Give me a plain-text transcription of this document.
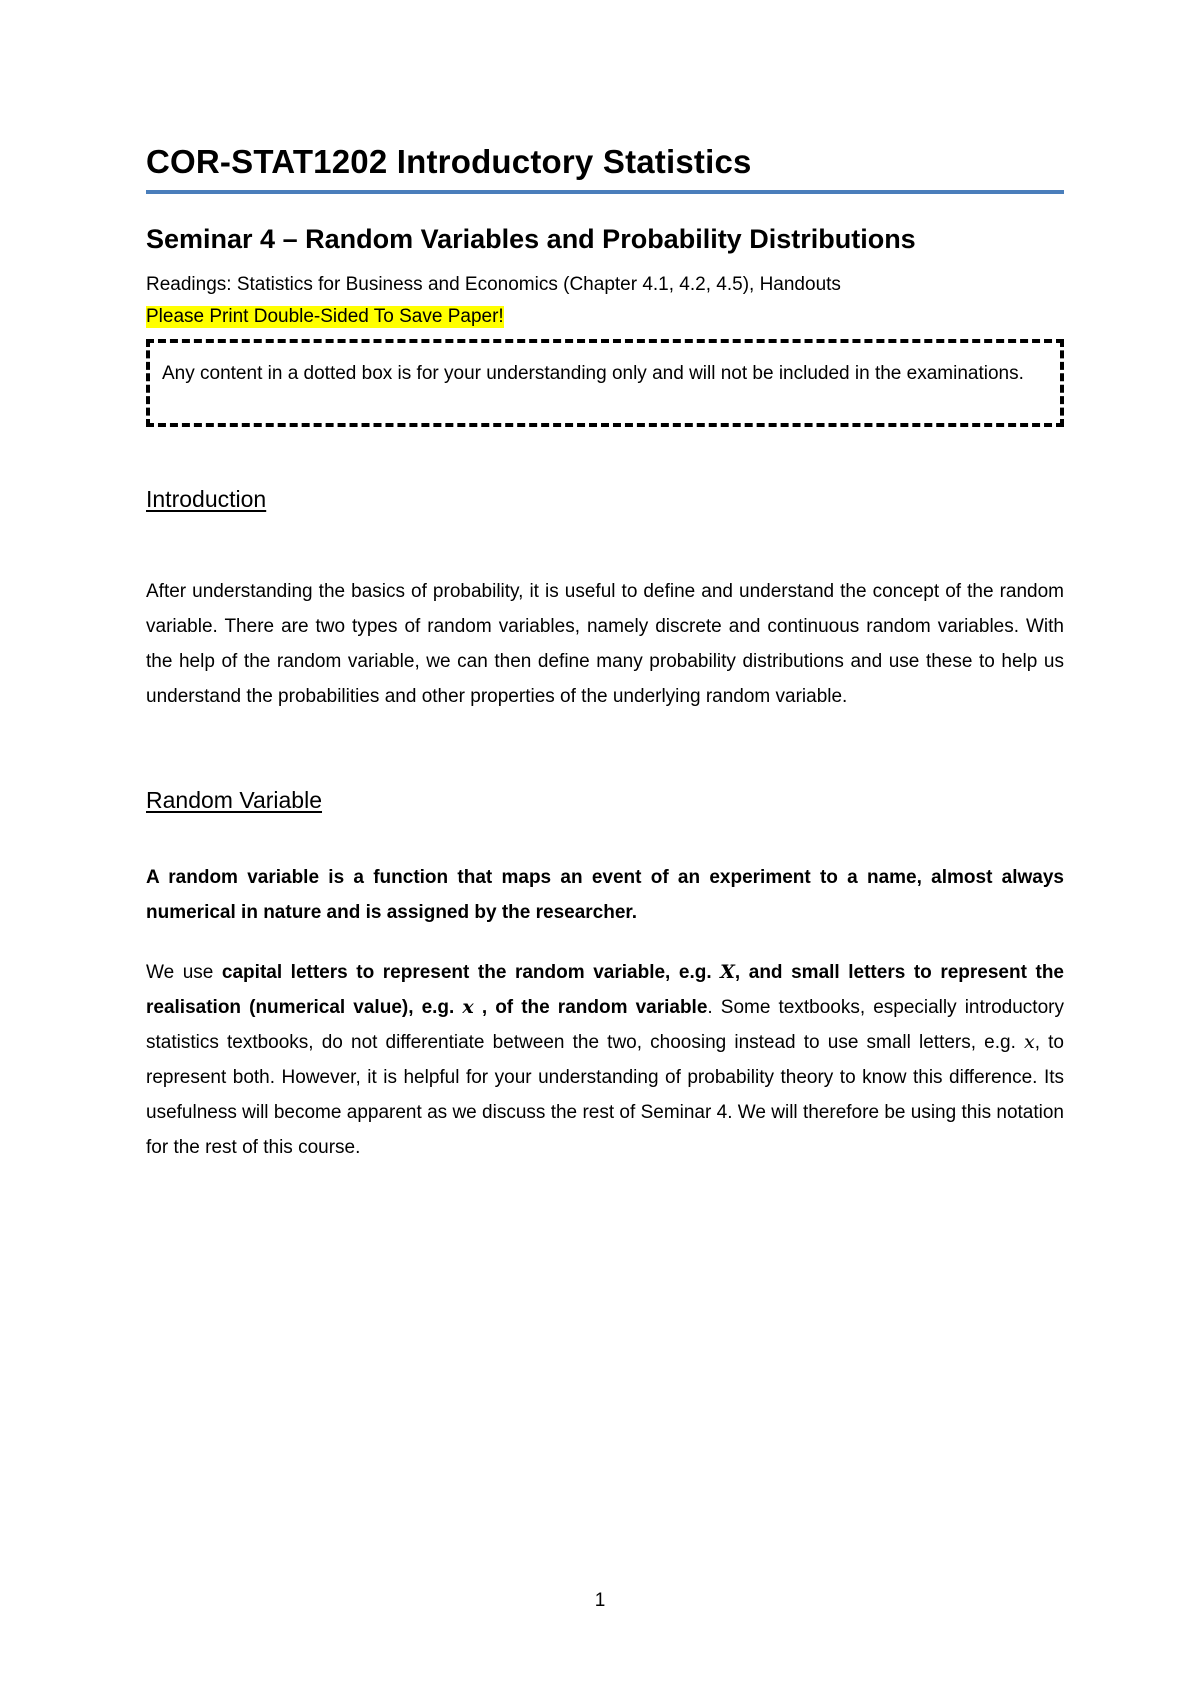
COR-STAT1202 Introductory Statistics
Seminar 4 – Random Variables and Probability Distributions
Readings: Statistics for Business and Economics (Chapter 4.1, 4.2, 4.5), Handouts
Please Print Double-Sided To Save Paper!

Any content in a dotted box is for your understanding only and will not be included in the examinations.

Introduction

After understanding the basics of probability, it is useful to define and understand the concept of the random variable. There are two types of random variables, namely discrete and continuous random variables. With the help of the random variable, we can then define many probability distributions and use these to help us understand the probabilities and other properties of the underlying random variable.

Random Variable

A random variable is a function that maps an event of an experiment to a name, almost always numerical in nature and is assigned by the researcher.

We use capital letters to represent the random variable, e.g. X, and small letters to represent the realisation (numerical value), e.g. x , of the random variable. Some textbooks, especially introductory statistics textbooks, do not differentiate between the two, choosing instead to use small letters, e.g. x, to represent both. However, it is helpful for your understanding of probability theory to know this difference. Its usefulness will become apparent as we discuss the rest of Seminar 4. We will therefore be using this notation for the rest of this course.

1
